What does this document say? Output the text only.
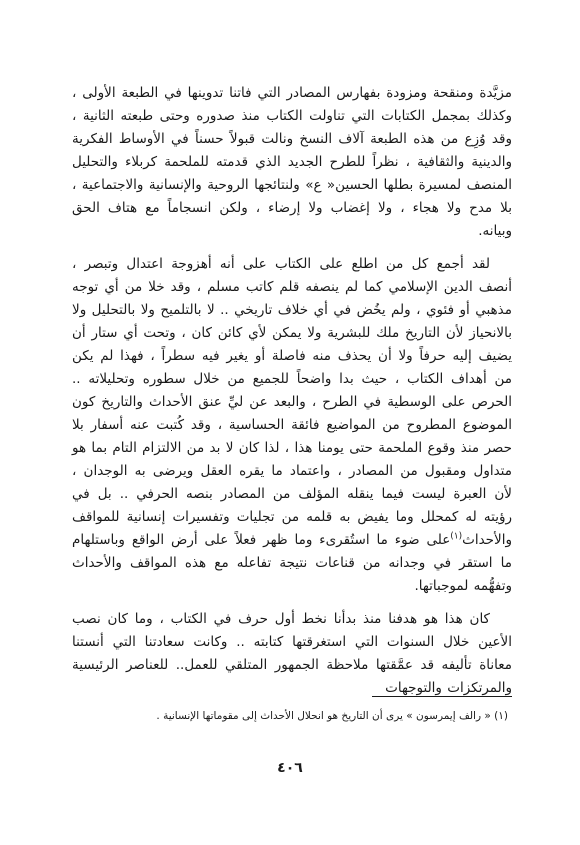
مزيَّدة ومنقحة ومزودة بفهارس المصادر التي فاتنا تدوينها في الطبعة الأولى ، وكذلك بمجمل الكتابات التي تناولت الكتاب منذ صدوره وحتى طبعته الثانية ، وقد وُزِع من هذه الطبعة آلاف النسخ ونالت قبولاً حسناً في الأوساط الفكرية والدينية والثقافية ، نظراً للطرح الجديد الذي قدمته للملحمة كربلاء والتحليل المنصف لمسيرة بطلها الحسين« ع» ولنتائجها الروحية والإنسانية والاجتماعية ، بلا مدح ولا هجاء ، ولا إغضاب ولا إرضاء ، ولكن انسجاماً مع هتاف الحق وبيانه.

لقد أجمع كل من اطلع على الكتاب على أنه أهزوجة اعتدال وتبصر ، أنصف الدين الإسلامي كما لم ينصفه قلم كاتب مسلم ، وقد خلا من أي توجه مذهبي أو فئوي ، ولم يخُض في أي خلاف تاريخي .. لا بالتلميح ولا بالتحليل ولا بالانحياز لأن التاريخ ملك للبشرية ولا يمكن لأي كائن كان ، وتحت أي ستار أن يضيف إليه حرفاً ولا أن يحذف منه فاصلة أو يغير فيه سطراً ، فهذا لم يكن من أهداف الكتاب ، حيث بدا واضحاً للجميع من خلال سطوره وتحليلاته .. الحرص على الوسطية في الطرح ، والبعد عن ليِّ عنق الأحداث والتاريخ كون الموضوع المطروح من المواضيع فائقة الحساسية ، وقد كُتبت عنه أسفار بلا حصر منذ وقوع الملحمة حتى يومنا هذا ، لذا كان لا بد من الالتزام التام بما هو متداول ومقبول من المصادر ، واعتماد ما يقره العقل ويرضى به الوجدان ، لأن العبرة ليست فيما ينقله المؤلف من المصادر بنصه الحرفي .. بل في رؤيته له كمحلل وما يفيض به قلمه من تجليات وتفسيرات إنسانية للمواقف والأحداث$^{(١)}$على ضوء ما استُقرىء وما ظهر فعلاً على أرض الواقع وباستلهام ما استقر في وجدانه من قناعات نتيجة تفاعله مع هذه المواقف والأحداث وتفهُّمه لموجباتها.

كان هذا هو هدفنا منذ بدأنا نخط أول حرف في الكتاب ، وما كان نصب الأعين خلال السنوات التي استغرقتها كتابته .. وكانت سعادتنا التي أنستنا معاناة تأليفه قد عمَّقتها ملاحظة الجمهور المتلقي للعمل.. للعناصر الرئيسية والمرتكزات والتوجهات

(١) « رالف إيمرسون » يرى أن التاريخ هو انحلال الأحداث إلى مقوماتها الإنسانية .
٤٠٦
